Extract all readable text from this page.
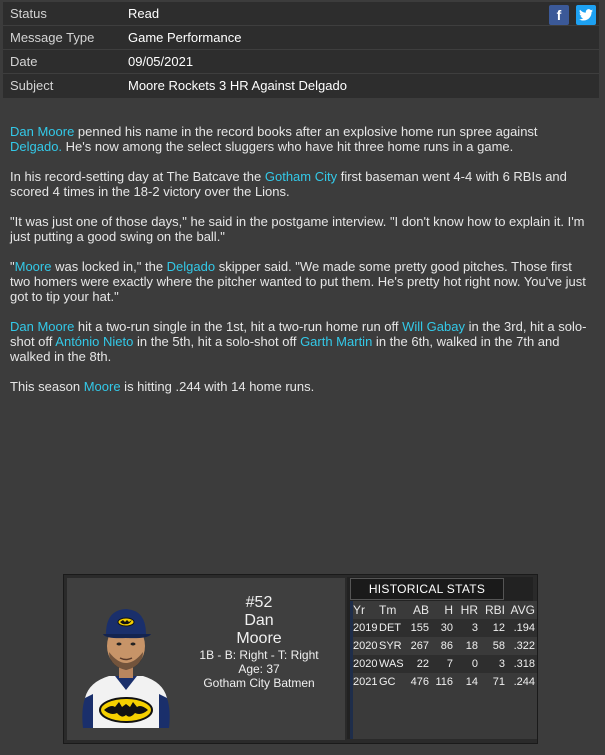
Status	Read
Message Type	Game Performance
Date	09/05/2021
Subject	Moore Rockets 3 HR Against Delgado
f

Dan Moore penned his name in the record books after an explosive home run spree against Delgado. He's now among the select sluggers who have hit three home runs in a game.

In his record-setting day at The Batcave the Gotham City first baseman went 4-4 with 6 RBIs and scored 4 times in the 18-2 victory over the Lions.

"It was just one of those days," he said in the postgame interview. "I don't know how to explain it. I'm just putting a good swing on the ball."

"Moore was locked in," the Delgado skipper said. "We made some pretty good pitches. Those first two homers were exactly where the pitcher wanted to put them. He's pretty hot right now. You've just got to tip your hat."

Dan Moore hit a two-run single in the 1st, hit a two-run home run off Will Gabay in the 3rd, hit a solo-shot off António Nieto in the 5th, hit a solo-shot off Garth Martin in the 6th, walked in the 7th and walked in the 8th.

This season Moore is hitting .244 with 14 home runs.

#52
Dan
Moore
1B - B: Right - T: Right
Age: 37
Gotham City Batmen
HISTORICAL STATS
Yr	Tm	AB	H HR RBI AVG
2019 DET 155	30	3	12 .194
2020 SYR 267	86	18	58 .322
2020 WAS	22	7	0	3 .318
2021 GC	476 116	14	71 .244
